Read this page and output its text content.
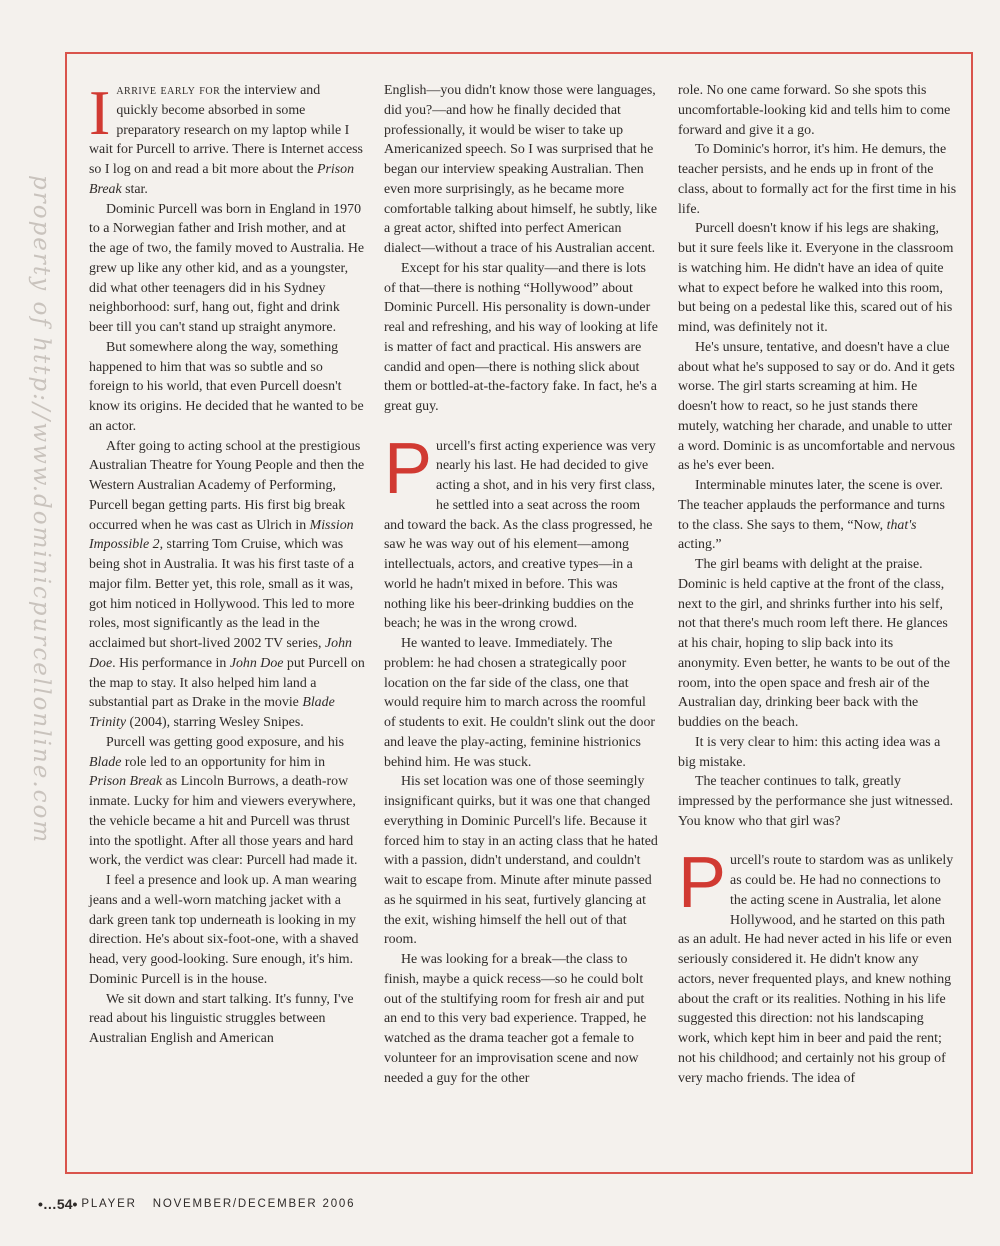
property of http://www.dominicpurcellonline.com

Iarrive early for the interview and quickly become absorbed in some preparatory research on my laptop while I wait for Purcell to arrive. There is Internet access so I log on and read a bit more about the Prison Break star.

Dominic Purcell was born in England in 1970 to a Norwegian father and Irish mother, and at the age of two, the family moved to Australia. He grew up like any other kid, and as a youngster, did what other teenagers did in his Sydney neighborhood: surf, hang out, fight and drink beer till you can't stand up straight anymore.

But somewhere along the way, something happened to him that was so subtle and so foreign to his world, that even Purcell doesn't know its origins. He decided that he wanted to be an actor.

After going to acting school at the prestigious Australian Theatre for Young People and then the Western Australian Academy of Performing, Purcell began getting parts. His first big break occurred when he was cast as Ulrich in Mission Impossible 2, starring Tom Cruise, which was being shot in Australia. It was his first taste of a major film. Better yet, this role, small as it was, got him noticed in Hollywood. This led to more roles, most significantly as the lead in the acclaimed but short-lived 2002 TV series, John Doe. His performance in John Doe put Purcell on the map to stay. It also helped him land a substantial part as Drake in the movie Blade Trinity (2004), starring Wesley Snipes.

Purcell was getting good exposure, and his Blade role led to an opportunity for him in Prison Break as Lincoln Burrows, a death-row inmate. Lucky for him and viewers everywhere, the vehicle became a hit and Purcell was thrust into the spotlight. After all those years and hard work, the verdict was clear: Purcell had made it.

I feel a presence and look up. A man wearing jeans and a well-worn matching jacket with a dark green tank top underneath is looking in my direction. He's about six-foot-one, with a shaved head, very good-looking. Sure enough, it's him. Dominic Purcell is in the house.

We sit down and start talking. It's funny, I've read about his linguistic struggles between Australian English and American

English—you didn't know those were languages, did you?—and how he finally decided that professionally, it would be wiser to take up Americanized speech. So I was surprised that he began our interview speaking Australian. Then even more surprisingly, as he became more comfortable talking about himself, he subtly, like a great actor, shifted into perfect American dialect—without a trace of his Australian accent.

Except for his star quality—and there is lots of that—there is nothing “Hollywood” about Dominic Purcell. His personality is down-under real and refreshing, and his way of looking at life is matter of fact and practical. His answers are candid and open—there is nothing slick about them or bottled-at-the-factory fake. In fact, he's a great guy.

Purcell's first acting experience was very nearly his last. He had decided to give acting a shot, and in his very first class, he settled into a seat across the room and toward the back. As the class progressed, he saw he was way out of his element—among intellectuals, actors, and creative types—in a world he hadn't mixed in before. This was nothing like his beer-drinking buddies on the beach; he was in the wrong crowd.

He wanted to leave. Immediately. The problem: he had chosen a strategically poor location on the far side of the class, one that would require him to march across the roomful of students to exit. He couldn't slink out the door and leave the play-acting, feminine histrionics behind him. He was stuck.

His set location was one of those seemingly insignificant quirks, but it was one that changed everything in Dominic Purcell's life. Because it forced him to stay in an acting class that he hated with a passion, didn't understand, and couldn't wait to escape from. Minute after minute passed as he squirmed in his seat, furtively glancing at the exit, wishing himself the hell out of that room.

He was looking for a break—the class to finish, maybe a quick recess—so he could bolt out of the stultifying room for fresh air and put an end to this very bad experience. Trapped, he watched as the drama teacher got a female to volunteer for an improvisation scene and now needed a guy for the other

role. No one came forward. So she spots this uncomfortable-looking kid and tells him to come forward and give it a go.

To Dominic's horror, it's him. He demurs, the teacher persists, and he ends up in front of the class, about to formally act for the first time in his life.

Purcell doesn't know if his legs are shaking, but it sure feels like it. Everyone in the classroom is watching him. He didn't have an idea of quite what to expect before he walked into this room, but being on a pedestal like this, scared out of his mind, was definitely not it.

He's unsure, tentative, and doesn't have a clue about what he's supposed to say or do. And it gets worse. The girl starts screaming at him. He doesn't how to react, so he just stands there mutely, watching her charade, and unable to utter a word. Dominic is as uncomfortable and nervous as he's ever been.

Interminable minutes later, the scene is over. The teacher applauds the performance and turns to the class. She says to them, “Now, that's acting.”

The girl beams with delight at the praise. Dominic is held captive at the front of the class, next to the girl, and shrinks further into his self, not that there's much room left there. He glances at his chair, hoping to slip back into its anonymity. Even better, he wants to be out of the room, into the open space and fresh air of the Australian day, drinking beer back with the buddies on the beach.

It is very clear to him: this acting idea was a big mistake.

The teacher continues to talk, greatly impressed by the performance she just witnessed. You know who that girl was?

Purcell's route to stardom was as unlikely as could be. He had no connections to the acting scene in Australia, let alone Hollywood, and he started on this path as an adult. He had never acted in his life or even seriously considered it. He didn't know any actors, never frequented plays, and knew nothing about the craft or its realities. Nothing in his life suggested this direction: not his landscaping work, which kept him in beer and paid the rent; not his childhood; and certainly not his group of very macho friends. The idea of

•…54• PLAYER NOVEMBER/DECEMBER 2006
